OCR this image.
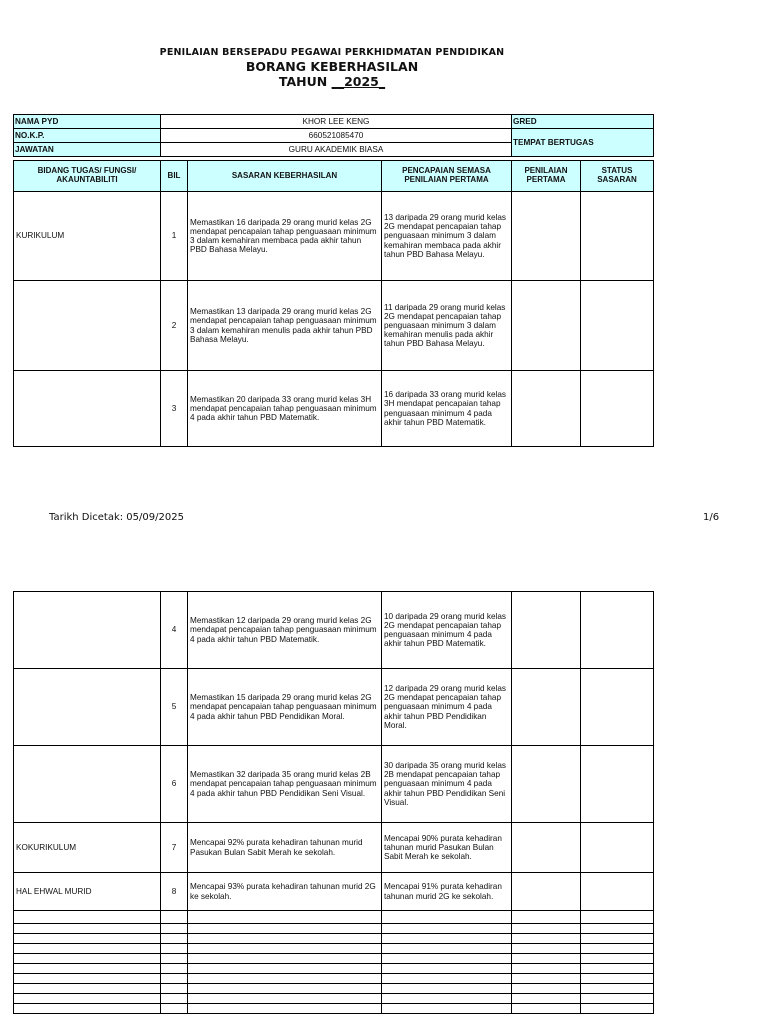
PENILAIAN BERSEPADU PEGAWAI PERKHIDMATAN PENDIDIKAN
BORANG KEBERHASILAN
TAHUN __2025_
NAMA PYD	KHOR LEE KENG	GRED
NO.K.P.	660521085470	TEMPAT BERTUGAS
JAWATAN	GURU AKADEMIK BIASA	
BIDANG TUGAS/ FUNGSI/ AKAUNTABILITI	BIL	SASARAN KEBERHASILAN	PENCAPAIAN SEMASA PENILAIAN PERTAMA	PENILAIAN PERTAMA	STATUS SASARAN
KURIKULUM	1	Memastikan 16 daripada 29 orang murid kelas 2G mendapat pencapaian tahap penguasaan minimum 3 dalam kemahiran membaca pada akhir tahun PBD Bahasa Melayu.	13 daripada 29 orang murid kelas 2G mendapat pencapaian tahap penguasaan minimum 3 dalam kemahiran membaca pada akhir tahun PBD Bahasa Melayu.		
	2	Memastikan 13 daripada 29 orang murid kelas 2G mendapat pencapaian tahap penguasaan minimum 3 dalam kemahiran menulis pada akhir tahun PBD Bahasa Melayu.	11 daripada 29 orang murid kelas 2G mendapat pencapaian tahap penguasaan minimum 3 dalam kemahiran menulis pada akhir tahun PBD Bahasa Melayu.		
	3	Memastikan 20 daripada 33 orang murid kelas 3H mendapat pencapaian tahap penguasaan minimum 4 pada akhir tahun PBD Matematik.	16 daripada 33 orang murid kelas 3H mendapat pencapaian tahap penguasaan minimum 4 pada akhir tahun PBD Matematik.		
Tarikh Dicetak: 05/09/2025	1/6
	4	Memastikan 12 daripada 29 orang murid kelas 2G mendapat pencapaian tahap penguasaan minimum 4 pada akhir tahun PBD Matematik.	10 daripada 29 orang murid kelas 2G mendapat pencapaian tahap penguasaan minimum 4 pada akhir tahun PBD Matematik.		
	5	Memastikan 15 daripada 29 orang murid kelas 2G mendapat pencapaian tahap penguasaan minimum 4 pada akhir tahun PBD Pendidikan Moral.	12 daripada 29 orang murid kelas 2G mendapat pencapaian tahap penguasaan minimum 4 pada akhir tahun PBD Pendidikan Moral.		
	6	Memastikan 32 daripada 35 orang murid kelas 2B mendapat pencapaian tahap penguasaan minimum 4 pada akhir tahun PBD Pendidikan Seni Visual.	30 daripada 35 orang murid kelas 2B mendapat pencapaian tahap penguasaan minimum 4 pada akhir tahun PBD Pendidikan Seni Visual.		
KOKURIKULUM	7	Mencapai 92% purata kehadiran tahunan murid Pasukan Bulan Sabit Merah ke sekolah.	Mencapai 90% purata kehadiran tahunan murid Pasukan Bulan Sabit Merah ke sekolah.		
HAL EHWAL MURID	8	Mencapai 93% purata kehadiran tahunan murid 2G ke sekolah.	Mencapai 91% purata kehadiran tahunan murid 2G ke sekolah.		
